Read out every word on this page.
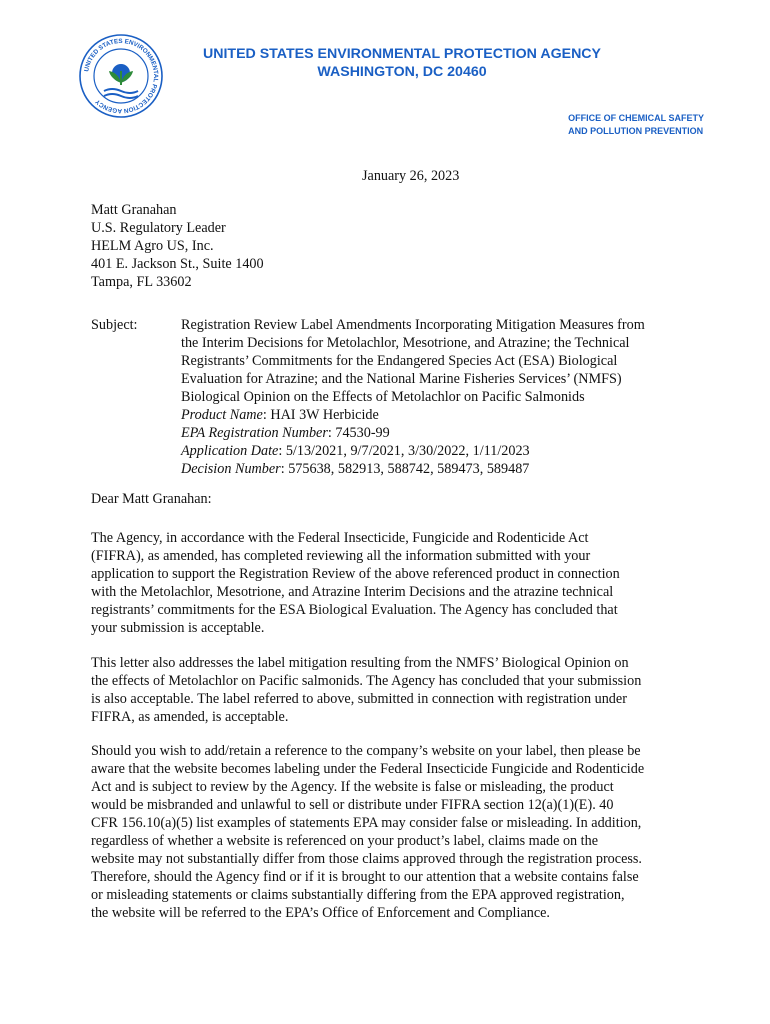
UNITED STATES ENVIRONMENTAL PROTECTION AGENCY
UNITED STATES ENVIRONMENTAL PROTECTION AGENCY
WASHINGTON, DC 20460
OFFICE OF CHEMICAL SAFETY
AND POLLUTION PREVENTION
January 26, 2023
Matt Granahan
U.S. Regulatory Leader
HELM Agro US, Inc.
401 E. Jackson St., Suite 1400
Tampa, FL 33602
Subject:	Registration Review Label Amendments Incorporating Mitigation Measures from
the Interim Decisions for Metolachlor, Mesotrione, and Atrazine; the Technical
Registrants’ Commitments for the Endangered Species Act (ESA) Biological
Evaluation for Atrazine; and the National Marine Fisheries Services’ (NMFS)
Biological Opinion on the Effects of Metolachlor on Pacific Salmonids
Product Name: HAI 3W Herbicide
EPA Registration Number: 74530-99
Application Date: 5/13/2021, 9/7/2021, 3/30/2022, 1/11/2023
Decision Number: 575638, 582913, 588742, 589473, 589487
Dear Matt Granahan:
The Agency, in accordance with the Federal Insecticide, Fungicide and Rodenticide Act
(FIFRA), as amended, has completed reviewing all the information submitted with your
application to support the Registration Review of the above referenced product in connection
with the Metolachlor, Mesotrione, and Atrazine Interim Decisions and the atrazine technical
registrants’ commitments for the ESA Biological Evaluation. The Agency has concluded that
your submission is acceptable.
This letter also addresses the label mitigation resulting from the NMFS’ Biological Opinion on
the effects of Metolachlor on Pacific salmonids. The Agency has concluded that your submission
is also acceptable. The label referred to above, submitted in connection with registration under
FIFRA, as amended, is acceptable.
Should you wish to add/retain a reference to the company’s website on your label, then please be
aware that the website becomes labeling under the Federal Insecticide Fungicide and Rodenticide
Act and is subject to review by the Agency. If the website is false or misleading, the product
would be misbranded and unlawful to sell or distribute under FIFRA section 12(a)(1)(E). 40
CFR 156.10(a)(5) list examples of statements EPA may consider false or misleading. In addition,
regardless of whether a website is referenced on your product’s label, claims made on the
website may not substantially differ from those claims approved through the registration process.
Therefore, should the Agency find or if it is brought to our attention that a website contains false
or misleading statements or claims substantially differing from the EPA approved registration,
the website will be referred to the EPA’s Office of Enforcement and Compliance.
